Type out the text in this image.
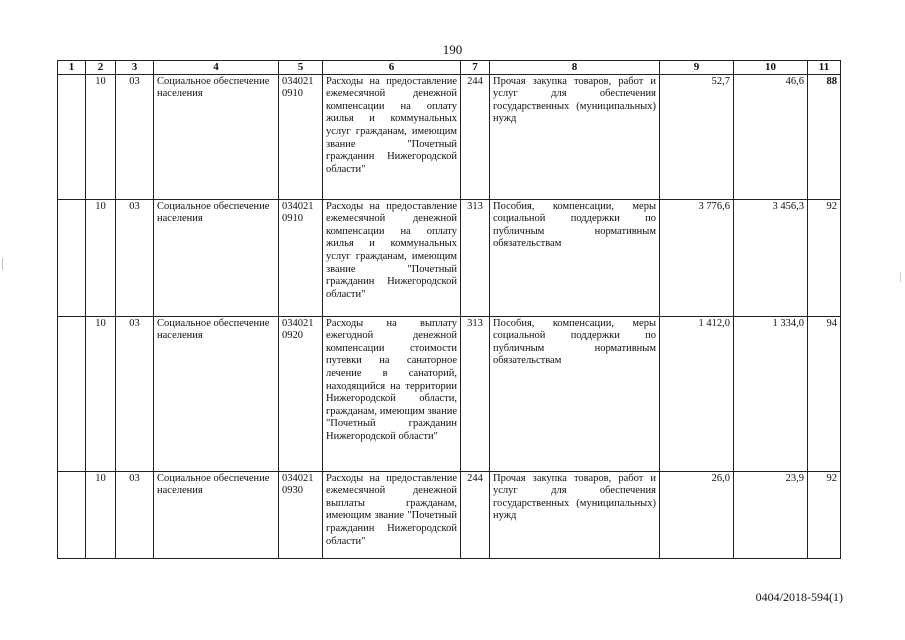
190
1	2	3	4	5	6	7	8	9	10	11
	10	03	Социальное обеспечение населения	034021 0910	Расходы на предоставление ежемесячной денежной компенсации на оплату жилья и коммунальных услуг гражданам, имеющим звание "Почетный гражданин Нижегородской области"	244	Прочая закупка товаров, работ и услуг для обеспечения государственных (муниципальных) нужд	52,7	46,6	88
	10	03	Социальное обеспечение населения	034021 0910	Расходы на предоставление ежемесячной денежной компенсации на оплату жилья и коммунальных услуг гражданам, имеющим звание "Почетный гражданин Нижегородской области"	313	Пособия, компенсации, меры социальной поддержки по публичным нормативным обязательствам	3 776,6	3 456,3	92
	10	03	Социальное обеспечение населения	034021 0920	Расходы на выплату ежегодной денежной компенсации стоимости путевки на санаторное лечение в санаторий, находящийся на территории Нижегородской области, гражданам, имеющим звание "Почетный гражданин Нижегородской области"	313	Пособия, компенсации, меры социальной поддержки по публичным нормативным обязательствам	1 412,0	1 334,0	94
	10	03	Социальное обеспечение населения	034021 0930	Расходы на предоставление ежемесячной денежной выплаты гражданам, имеющим звание "Почетный гражданин Нижегородской области"	244	Прочая закупка товаров, работ и услуг для обеспечения государственных (муниципальных) нужд	26,0	23,9	92
0404/2018-594(1)
